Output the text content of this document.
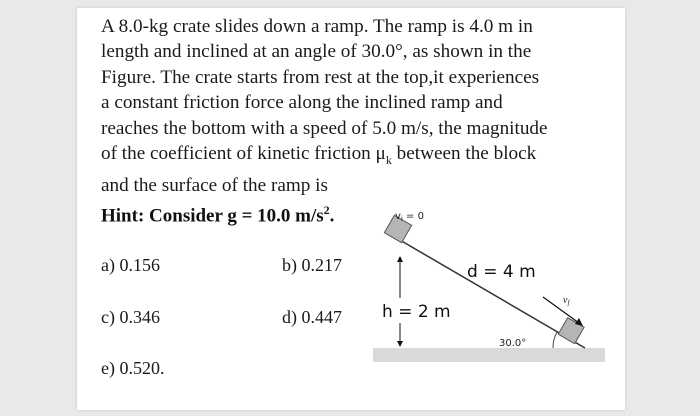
A 8.0-kg crate slides down a ramp. The ramp is 4.0 m in
length and inclined at an angle of 30.0°, as shown in the
Figure. The crate starts from rest at the top,it experiences
a constant friction force along the inclined ramp and
reaches the bottom with a speed of 5.0 m/s, the magnitude
of the coefficient of kinetic friction $\mu_k$ between the block
and the surface of the ramp is
Hint: Consider g = 10.0 $m/s^2$.
a) 0.156	b) 0.217
c) 0.346	d) 0.447
e) 0.520.
$v_i = 0$
h = 2 m
d = 4 m
$v_f$
30.0°
